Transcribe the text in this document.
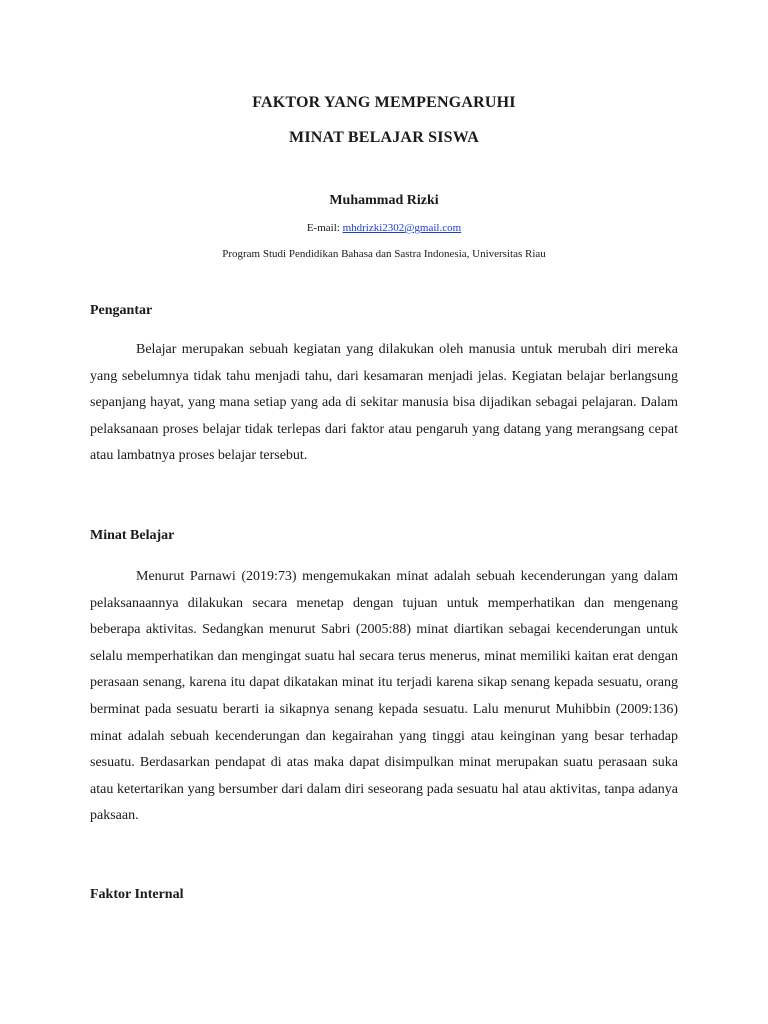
FAKTOR YANG MEMPENGARUHI
MINAT BELAJAR SISWA
Muhammad Rizki
E-mail: mhdrizki2302@gmail.com
Program Studi Pendidikan Bahasa dan Sastra Indonesia, Universitas Riau
Pengantar
Belajar merupakan sebuah kegiatan yang dilakukan oleh manusia untuk merubah diri mereka yang sebelumnya tidak tahu menjadi tahu, dari kesamaran menjadi jelas. Kegiatan belajar berlangsung sepanjang hayat, yang mana setiap yang ada di sekitar manusia bisa dijadikan sebagai pelajaran. Dalam pelaksanaan proses belajar tidak terlepas dari faktor atau pengaruh yang datang yang merangsang cepat atau lambatnya proses belajar tersebut.
Minat Belajar
Menurut Parnawi (2019:73) mengemukakan minat adalah sebuah kecenderungan yang dalam pelaksanaannya dilakukan secara menetap dengan tujuan untuk memperhatikan dan mengenang beberapa aktivitas. Sedangkan menurut Sabri (2005:88) minat diartikan sebagai kecenderungan untuk selalu memperhatikan dan mengingat suatu hal secara terus menerus, minat memiliki kaitan erat dengan perasaan senang, karena itu dapat dikatakan minat itu terjadi karena sikap senang kepada sesuatu, orang berminat pada sesuatu berarti ia sikapnya senang kepada sesuatu. Lalu menurut Muhibbin (2009:136) minat adalah sebuah kecenderungan dan kegairahan yang tinggi atau keinginan yang besar terhadap sesuatu. Berdasarkan pendapat di atas maka dapat disimpulkan minat merupakan suatu perasaan suka atau ketertarikan yang bersumber dari dalam diri seseorang pada sesuatu hal atau aktivitas, tanpa adanya paksaan.
Faktor Internal
